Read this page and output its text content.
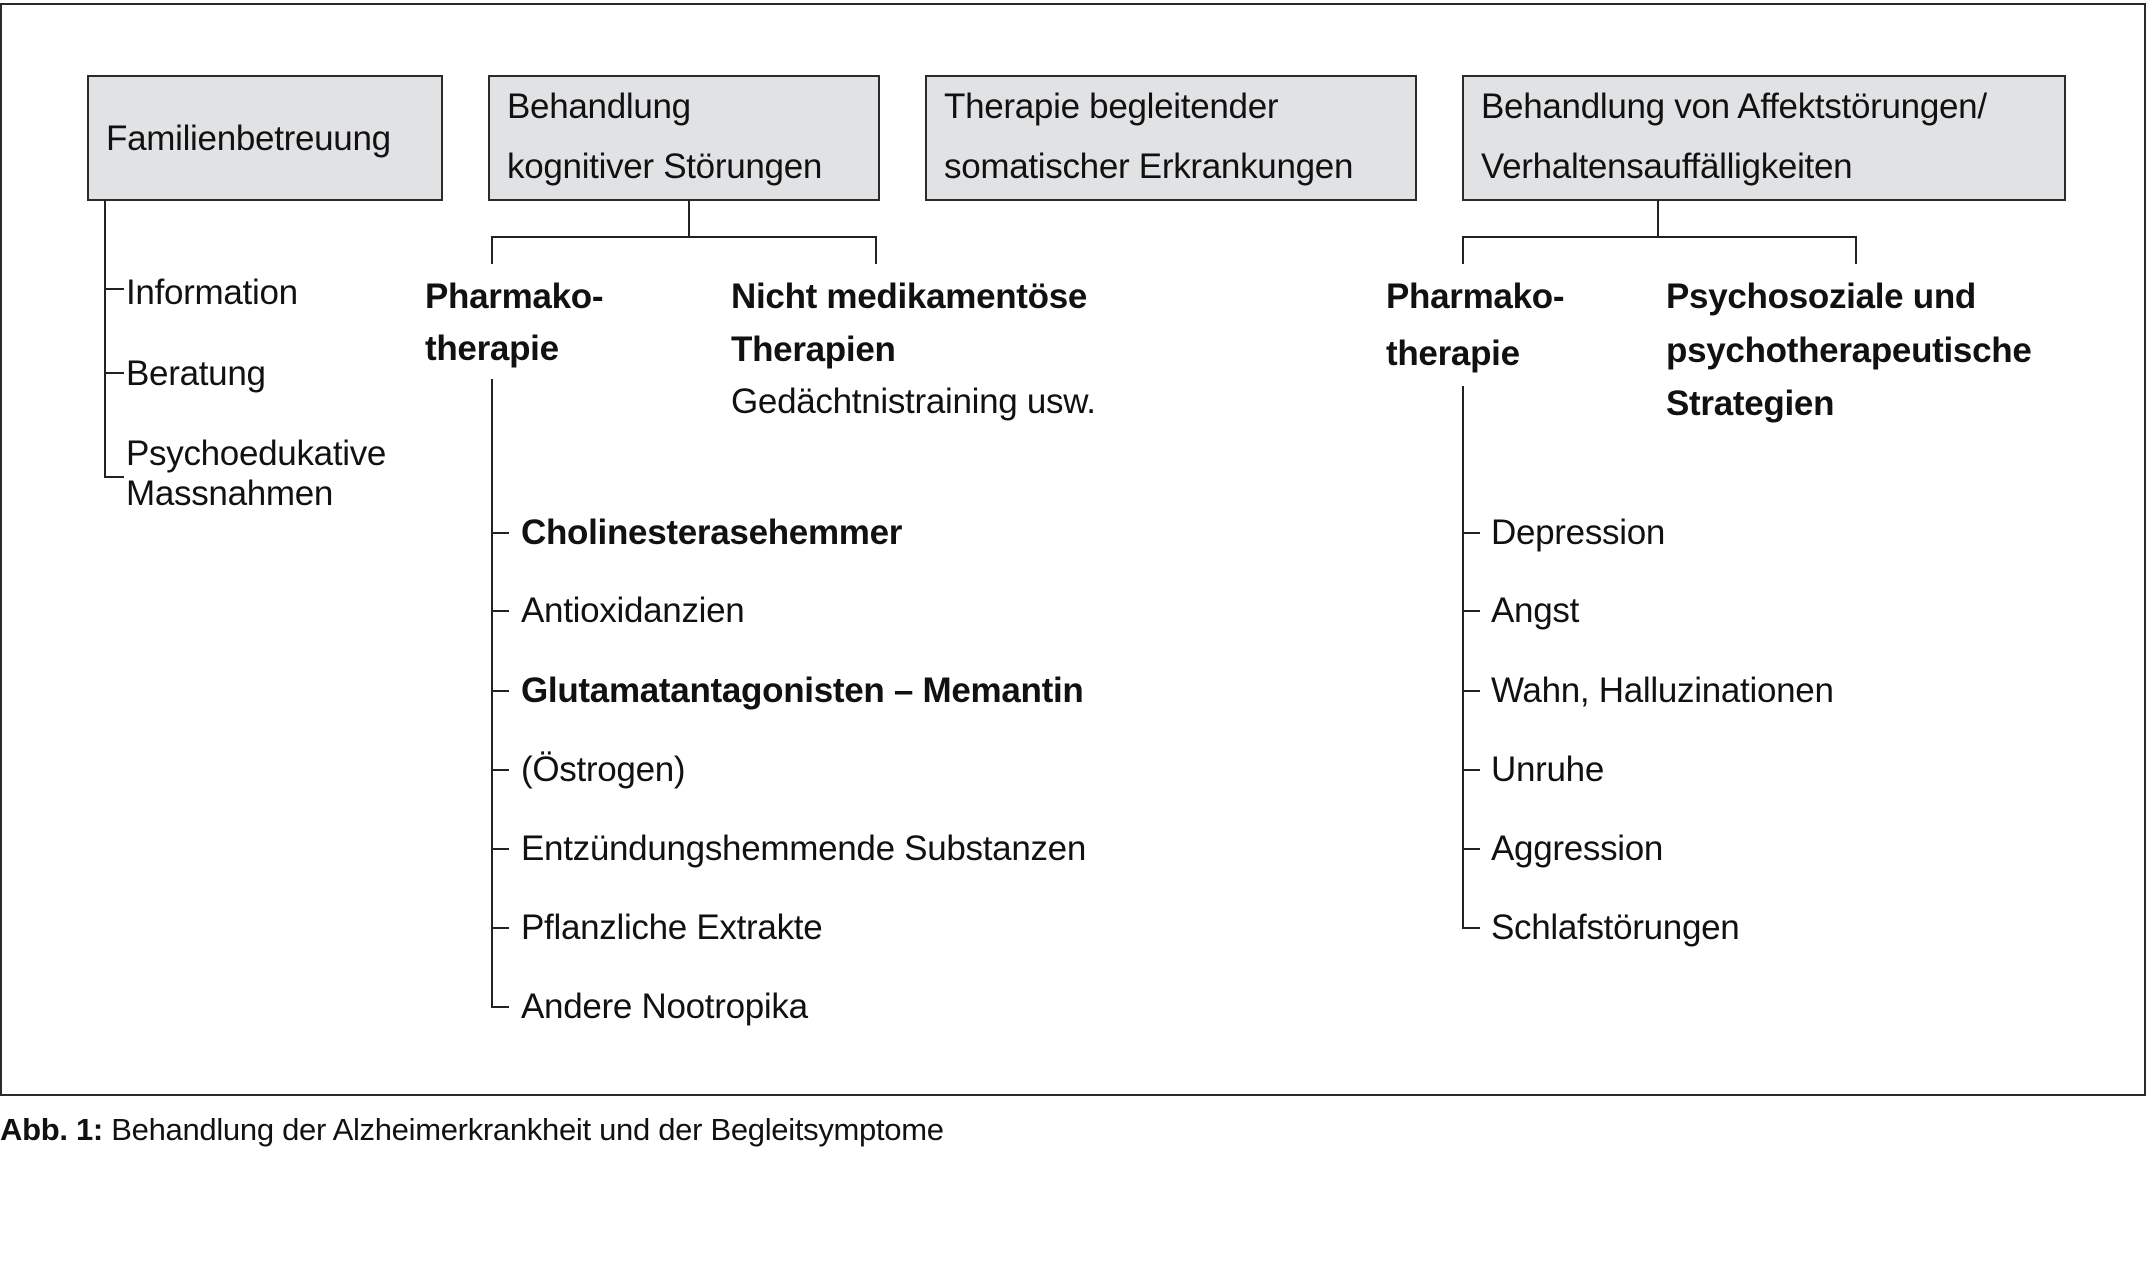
Familienbetreuung
Behandlung
kognitiver Störungen
Therapie begleitender
somatischer Erkrankungen
Behandlung von Affektstörungen/
Verhaltensauffälligkeiten
Information
Beratung
Psychoedukative
Massnahmen
Pharmako-
therapie
Nicht medikamentöse
Therapien
Gedächtnistraining usw.
Cholinesterasehemmer
Antioxidanzien
Glutamatantagonisten – Memantin
(Östrogen)
Entzündungshemmende Substanzen
Pflanzliche Extrakte
Andere Nootropika
Pharmako-
therapie
Psychosoziale und
psychotherapeutische
Strategien
Depression
Angst
Wahn, Halluzinationen
Unruhe
Aggression
Schlafstörungen
Abb. 1: Behandlung der Alzheimerkrankheit und der Begleitsymptome
